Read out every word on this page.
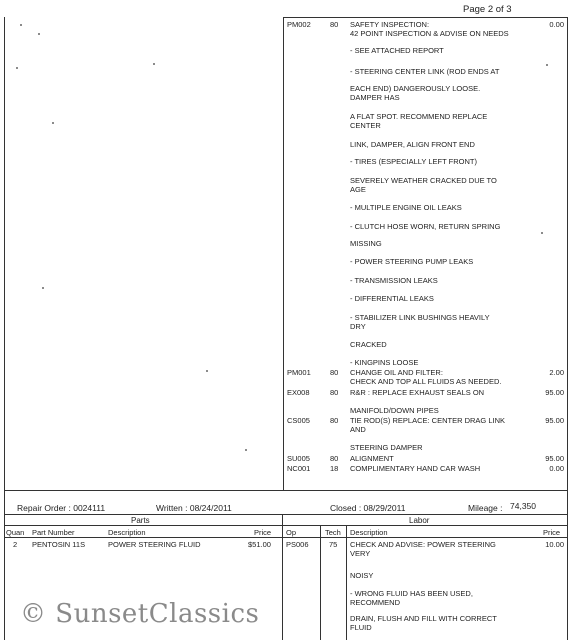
Page 2 of 3
PM002	80 SAFETY INSPECTION:	0.00
42 POINT INSPECTION & ADVISE ON NEEDS
- SEE ATTACHED REPORT
- STEERING CENTER LINK (ROD ENDS AT
EACH END) DANGEROUSLY LOOSE.
DAMPER HAS
A FLAT SPOT. RECOMMEND REPLACE
CENTER
LINK, DAMPER, ALIGN FRONT END
- TIRES (ESPECIALLY LEFT FRONT)
SEVERELY WEATHER CRACKED DUE TO
AGE
- MULTIPLE ENGINE OIL LEAKS
- CLUTCH HOSE WORN, RETURN SPRING
MISSING
- POWER STEERING PUMP LEAKS
- TRANSMISSION LEAKS
- DIFFERENTIAL LEAKS
- STABILIZER LINK BUSHINGS HEAVILY
DRY
CRACKED
- KINGPINS LOOSE
PM001	80 CHANGE OIL AND FILTER:	2.00
CHECK AND TOP ALL FLUIDS AS NEEDED.
EX008	80 R&R : REPLACE EXHAUST SEALS ON	95.00
MANIFOLD/DOWN PIPES
CS005	80 TIE ROD(S) REPLACE: CENTER DRAG LINK	95.00
AND
STEERING DAMPER
SU005	80 ALIGNMENT	95.00
NC001	18 COMPLIMENTARY HAND CAR WASH	0.00
Repair Order : 0024111	Written : 08/24/2011	Closed : 08/29/2011	Mileage : 74,350
Parts	Labor
Quan Part Number	Description	Price
2 PENTOSIN 11S	POWER STEERING FLUID	$51.00
Op	Tech Description	Price
PS006	75 CHECK AND ADVISE: POWER STEERING	10.00
VERY
NOISY
- WRONG FLUID HAS BEEN USED,
RECOMMEND
DRAIN, FLUSH AND FILL WITH CORRECT
FLUID
© SunsetClassics
